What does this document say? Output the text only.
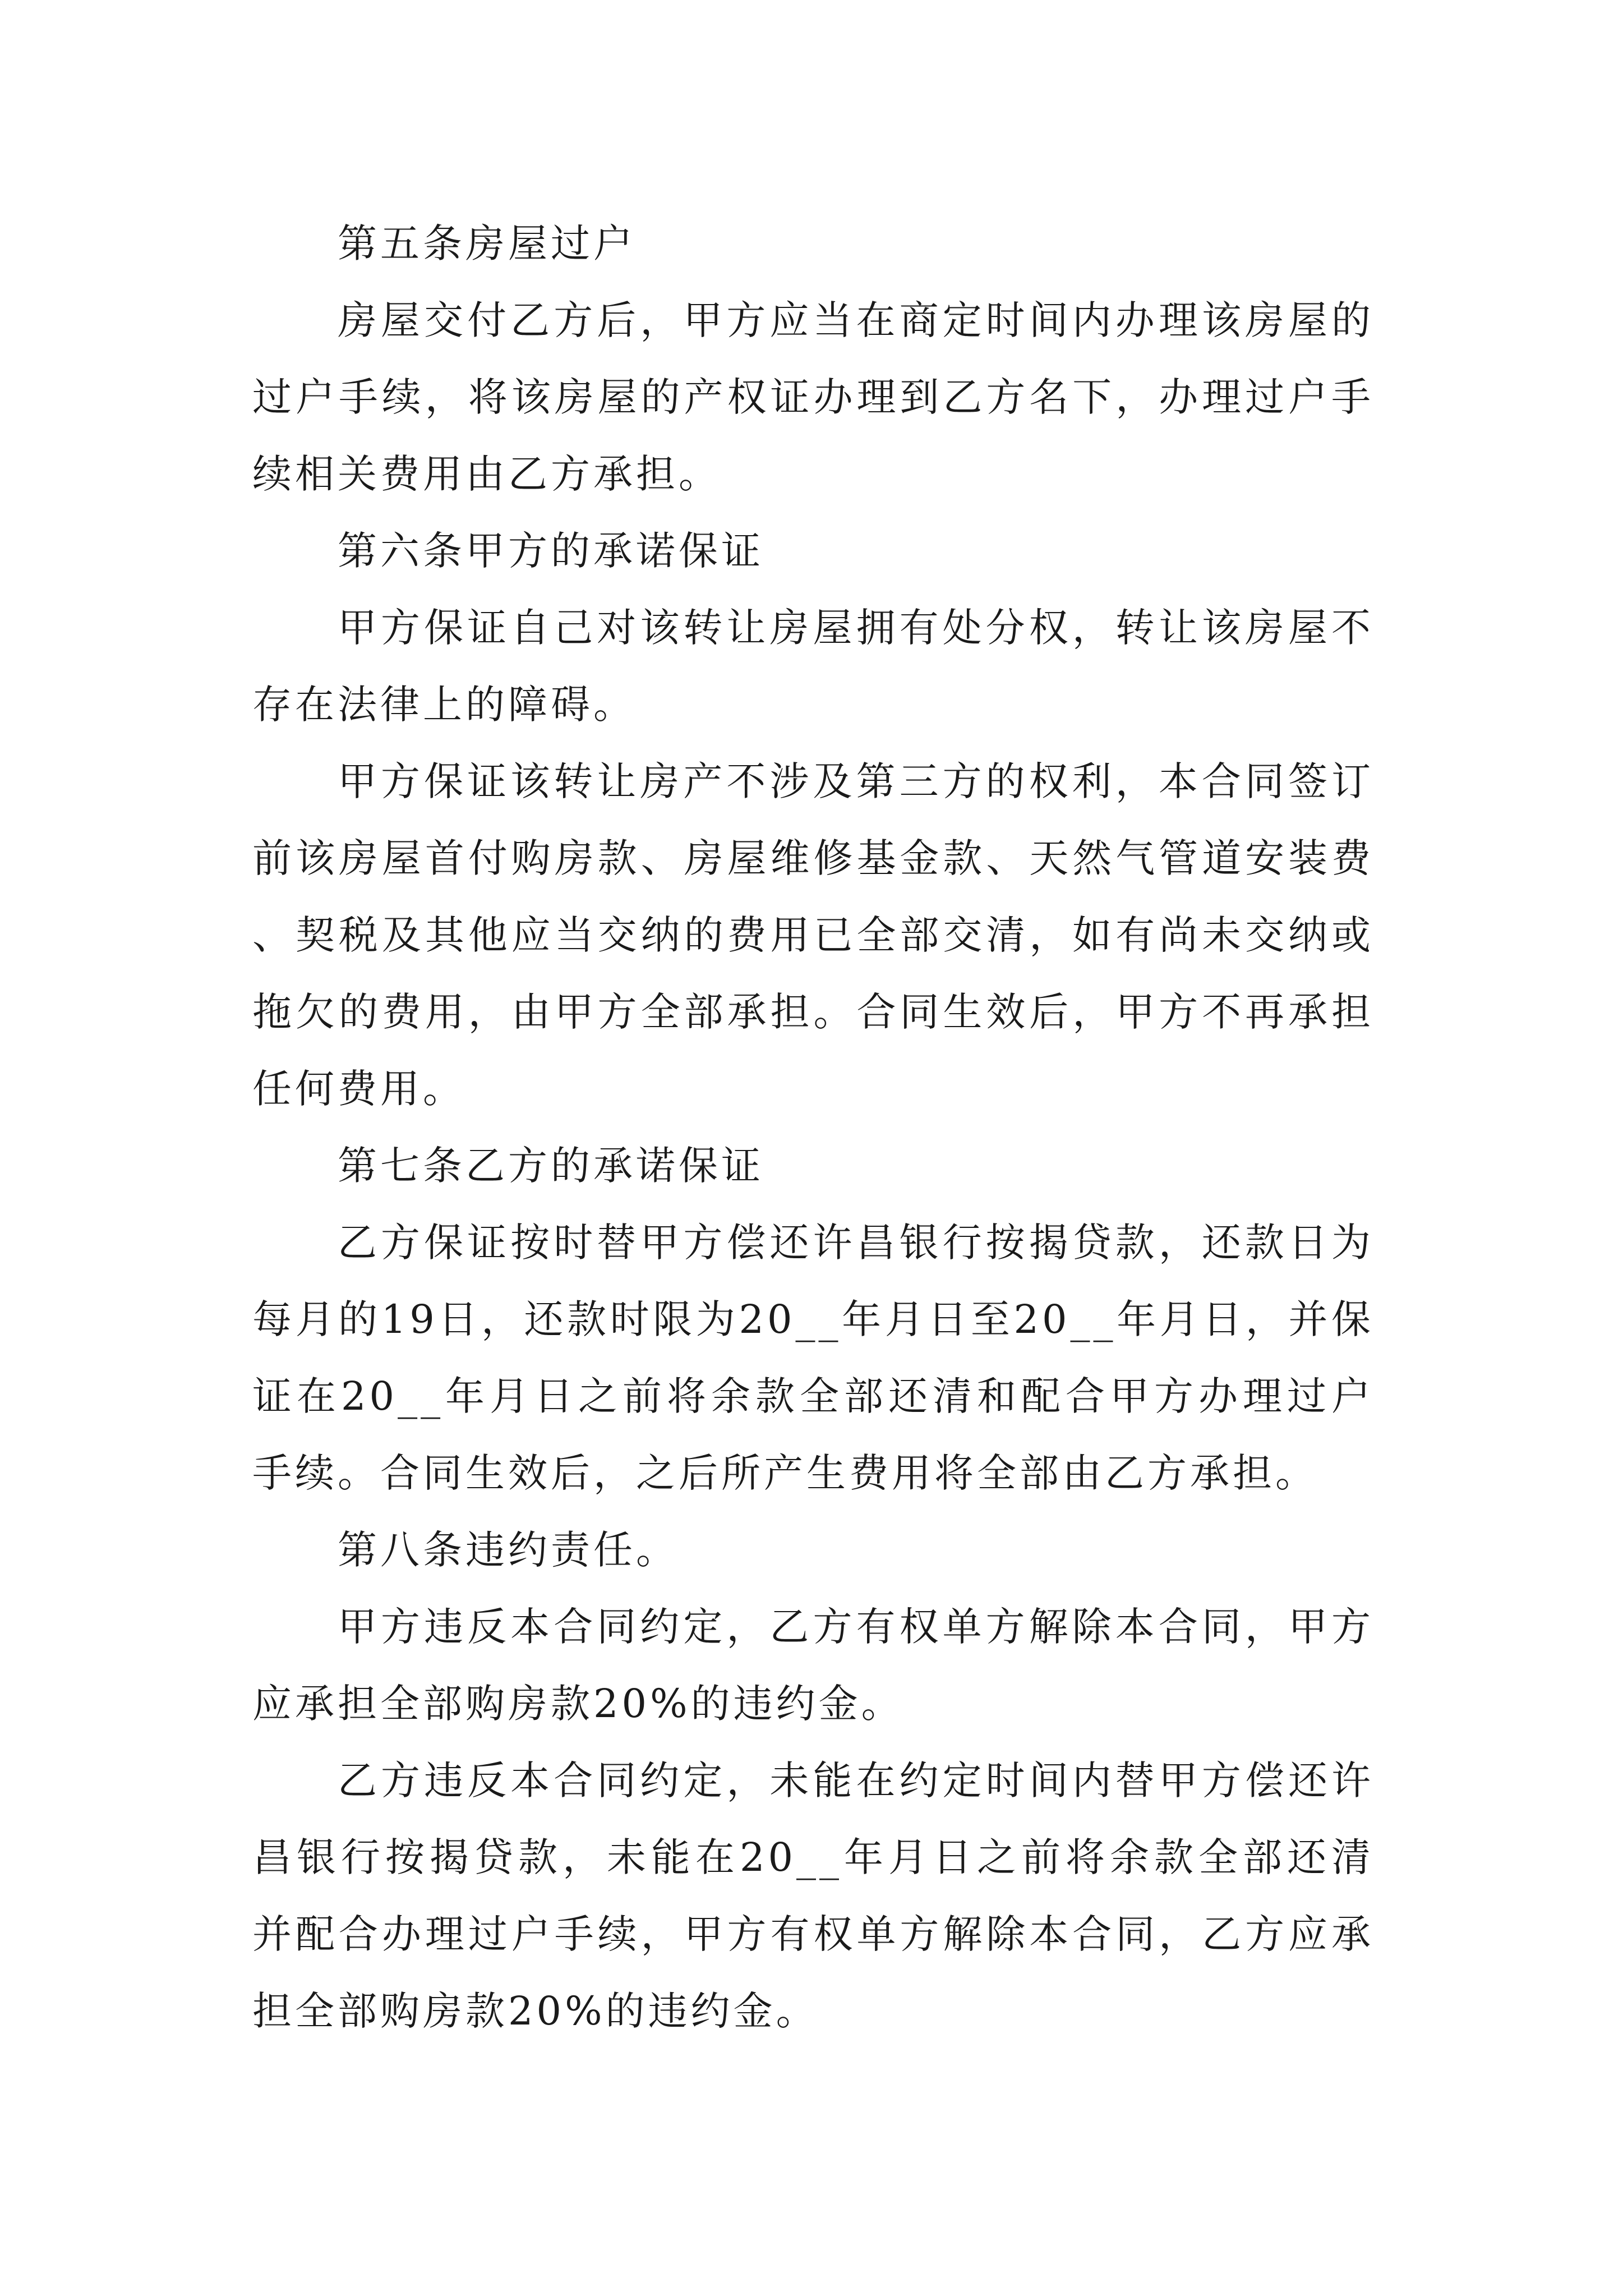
第五条房屋过户

房屋交付乙方后，甲方应当在商定时间内办理该房屋的过户手续，将该房屋的产权证办理到乙方名下，办理过户手续相关费用由乙方承担。

第六条甲方的承诺保证

甲方保证自己对该转让房屋拥有处分权，转让该房屋不存在法律上的障碍。

甲方保证该转让房产不涉及第三方的权利，本合同签订前该房屋首付购房款、房屋维修基金款、天然气管道安装费、契税及其他应当交纳的费用已全部交清，如有尚未交纳或拖欠的费用，由甲方全部承担。合同生效后，甲方不再承担任何费用。

第七条乙方的承诺保证

乙方保证按时替甲方偿还许昌银行按揭贷款，还款日为每月的19日，还款时限为20__年月日至20__年月日，并保证在20__年月日之前将余款全部还清和配合甲方办理过户手续。合同生效后，之后所产生费用将全部由乙方承担。

第八条违约责任。

甲方违反本合同约定，乙方有权单方解除本合同，甲方应承担全部购房款20%的违约金。

乙方违反本合同约定，未能在约定时间内替甲方偿还许昌银行按揭贷款，未能在20__年月日之前将余款全部还清并配合办理过户手续，甲方有权单方解除本合同，乙方应承担全部购房款20%的违约金。
